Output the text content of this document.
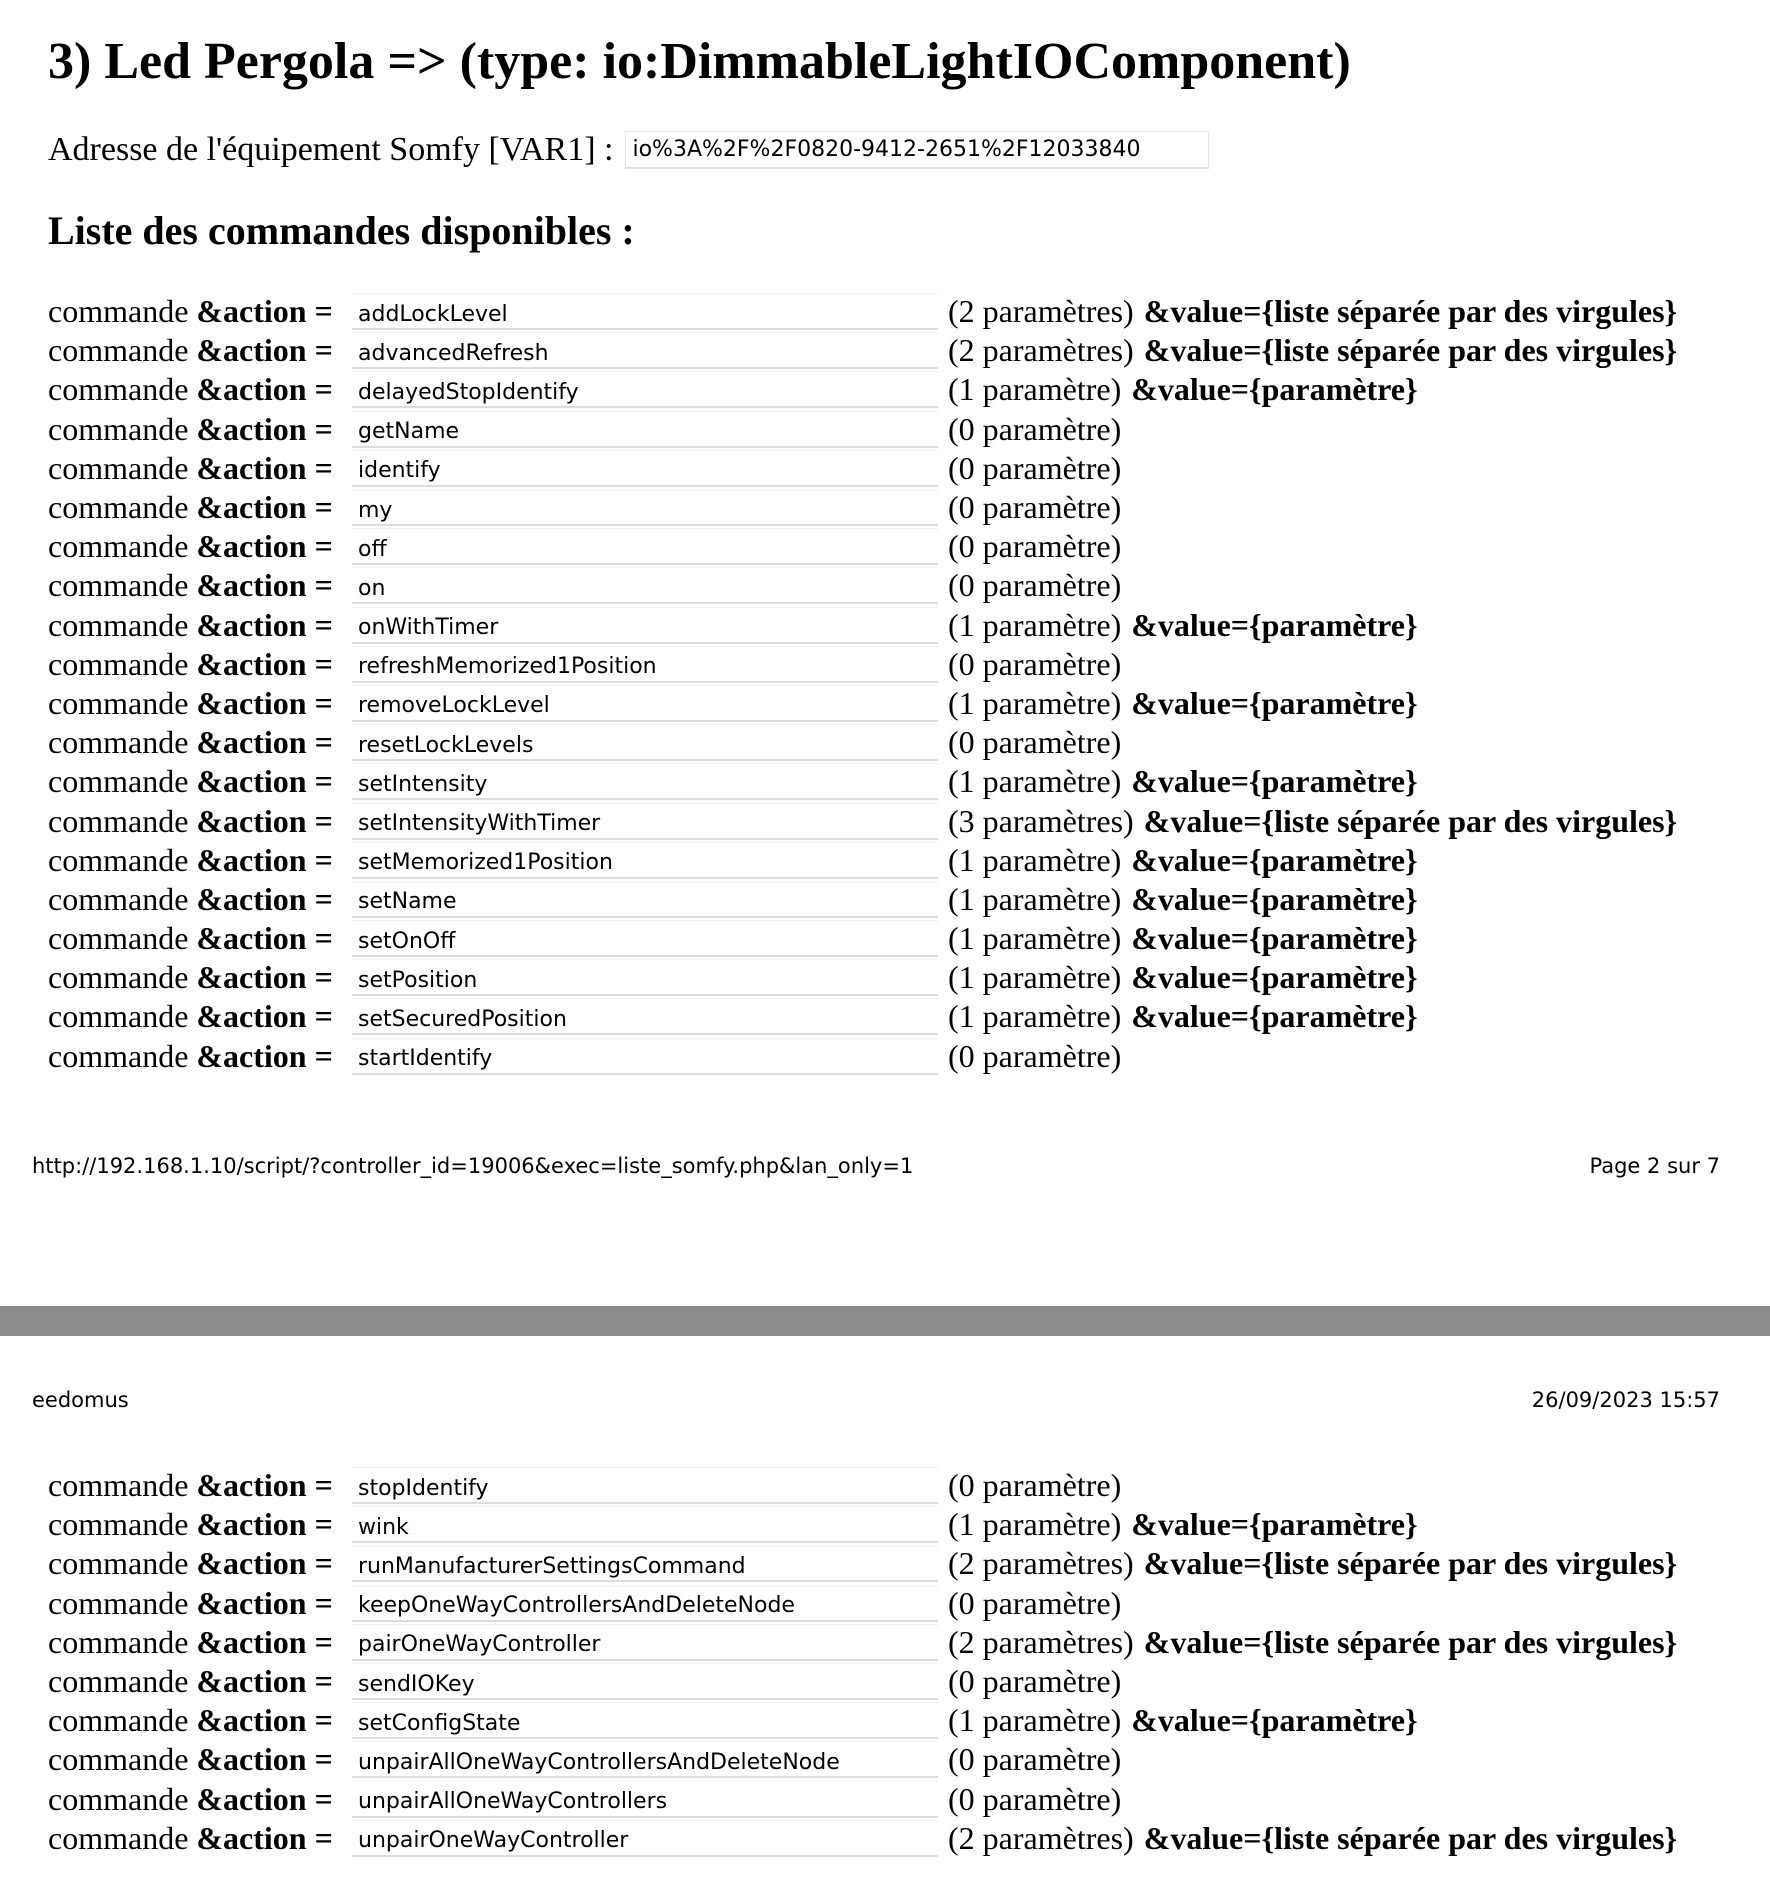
3) Led Pergola => (type: io:DimmableLightIOComponent)
Adresse de l'équipement Somfy [VAR1] :
io%3A%2F%2F0820-9412-2651%2F12033840
Liste des commandes disponibles :
commande &action =
addLockLevel	(2 paramètres) &value={liste séparée par des virgules}
commande &action =
advancedRefresh	(2 paramètres) &value={liste séparée par des virgules}
commande &action =
delayedStopIdentify	(1 paramètre) &value={paramètre}
commande &action =
getName	(0 paramètre)
commande &action =
identify	(0 paramètre)
commande &action =
my	(0 paramètre)
commande &action =
off	(0 paramètre)
commande &action =
on	(0 paramètre)
commande &action =
onWithTimer	(1 paramètre) &value={paramètre}
commande &action =
refreshMemorized1Position	(0 paramètre)
commande &action =
removeLockLevel	(1 paramètre) &value={paramètre}
commande &action =
resetLockLevels	(0 paramètre)
commande &action =
setIntensity	(1 paramètre) &value={paramètre}
commande &action =
setIntensityWithTimer	(3 paramètres) &value={liste séparée par des virgules}
commande &action =
setMemorized1Position	(1 paramètre) &value={paramètre}
commande &action =
setName	(1 paramètre) &value={paramètre}
commande &action =
setOnOff	(1 paramètre) &value={paramètre}
commande &action =
setPosition	(1 paramètre) &value={paramètre}
commande &action =
setSecuredPosition	(1 paramètre) &value={paramètre}
commande &action =
startIdentify	(0 paramètre)
http://192.168.1.10/script/?controller_id=19006&exec=liste_somfy.php&lan_only=1	Page 2 sur 7
eedomus	26/09/2023 15:57
commande &action =
stopIdentify	(0 paramètre)
commande &action =
wink	(1 paramètre) &value={paramètre}
commande &action =
runManufacturerSettingsCommand	(2 paramètres) &value={liste séparée par des virgules}
commande &action =
keepOneWayControllersAndDeleteNode	(0 paramètre)
commande &action =
pairOneWayController	(2 paramètres) &value={liste séparée par des virgules}
commande &action =
sendIOKey	(0 paramètre)
commande &action =
setConfigState	(1 paramètre) &value={paramètre}
commande &action =
unpairAllOneWayControllersAndDeleteNode	(0 paramètre)
commande &action =
unpairAllOneWayControllers	(0 paramètre)
commande &action =
unpairOneWayController	(2 paramètres) &value={liste séparée par des virgules}
